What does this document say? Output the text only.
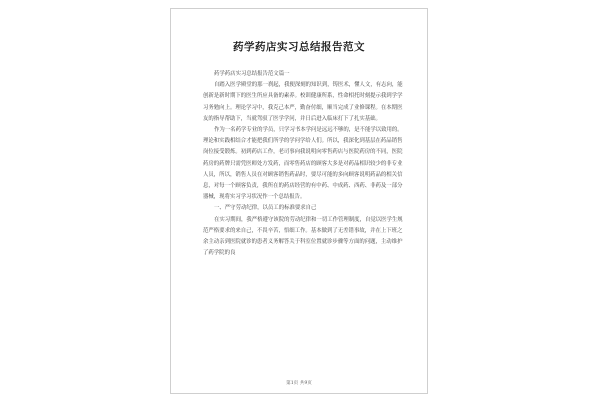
药学药店实习总结报告范文

药学药店实习总结报告范文篇一

自踏入医学殿堂的那一刹起，我便深刻的知识到，铸医术，懂人文，有志向，能创新是新时期下的医生所应具备的素养。校训健康所系，性命相托时刻提示我到学学习务勉向上。理论学习中，我克己本严，勤奋付细，顺当完成了业修课程。在本期医友的指导帮助下，当就驾驭了医学学问，并日后进入临床打下了扎实基础。

作为一名药学专业的学员，只学习书本学问是远远不够的，是不能学以致用的。理论和实践相结合才能把我们所学的学问学给人们。所以，我深化到基层在药品销售岗位接受锻炼。初到药店工作，老司事向我说明向零售药店与医院药房的不同，医院药房的药牌只需凭医师处方发药，而零售药店的顾客大多是对药品相识较少的非专业人员，所以，销售人员在对顾客销售药品时，要尽可能的多向顾客说明药品的相关信息，对每一个顾客负责，我所在的药店经营的有中药、中成药、西药、非药及一部分器械，现将实习学习状况作一个总结报告。

一、严守劳动纪律，以员工的标准要求自己

在实习期间，我严格遵守该院的劳动纪律和一切工作管理制度，自觉以医学生规范严格要求的来自己，不畏辛苦，悟细工作。基本做到了无差错事故，并在上下班之余主动亲到医院就诊的患者义务解答关于科室位置就诊步骤等方面的问题，主动维护了药学院的良

第1页 共9页
